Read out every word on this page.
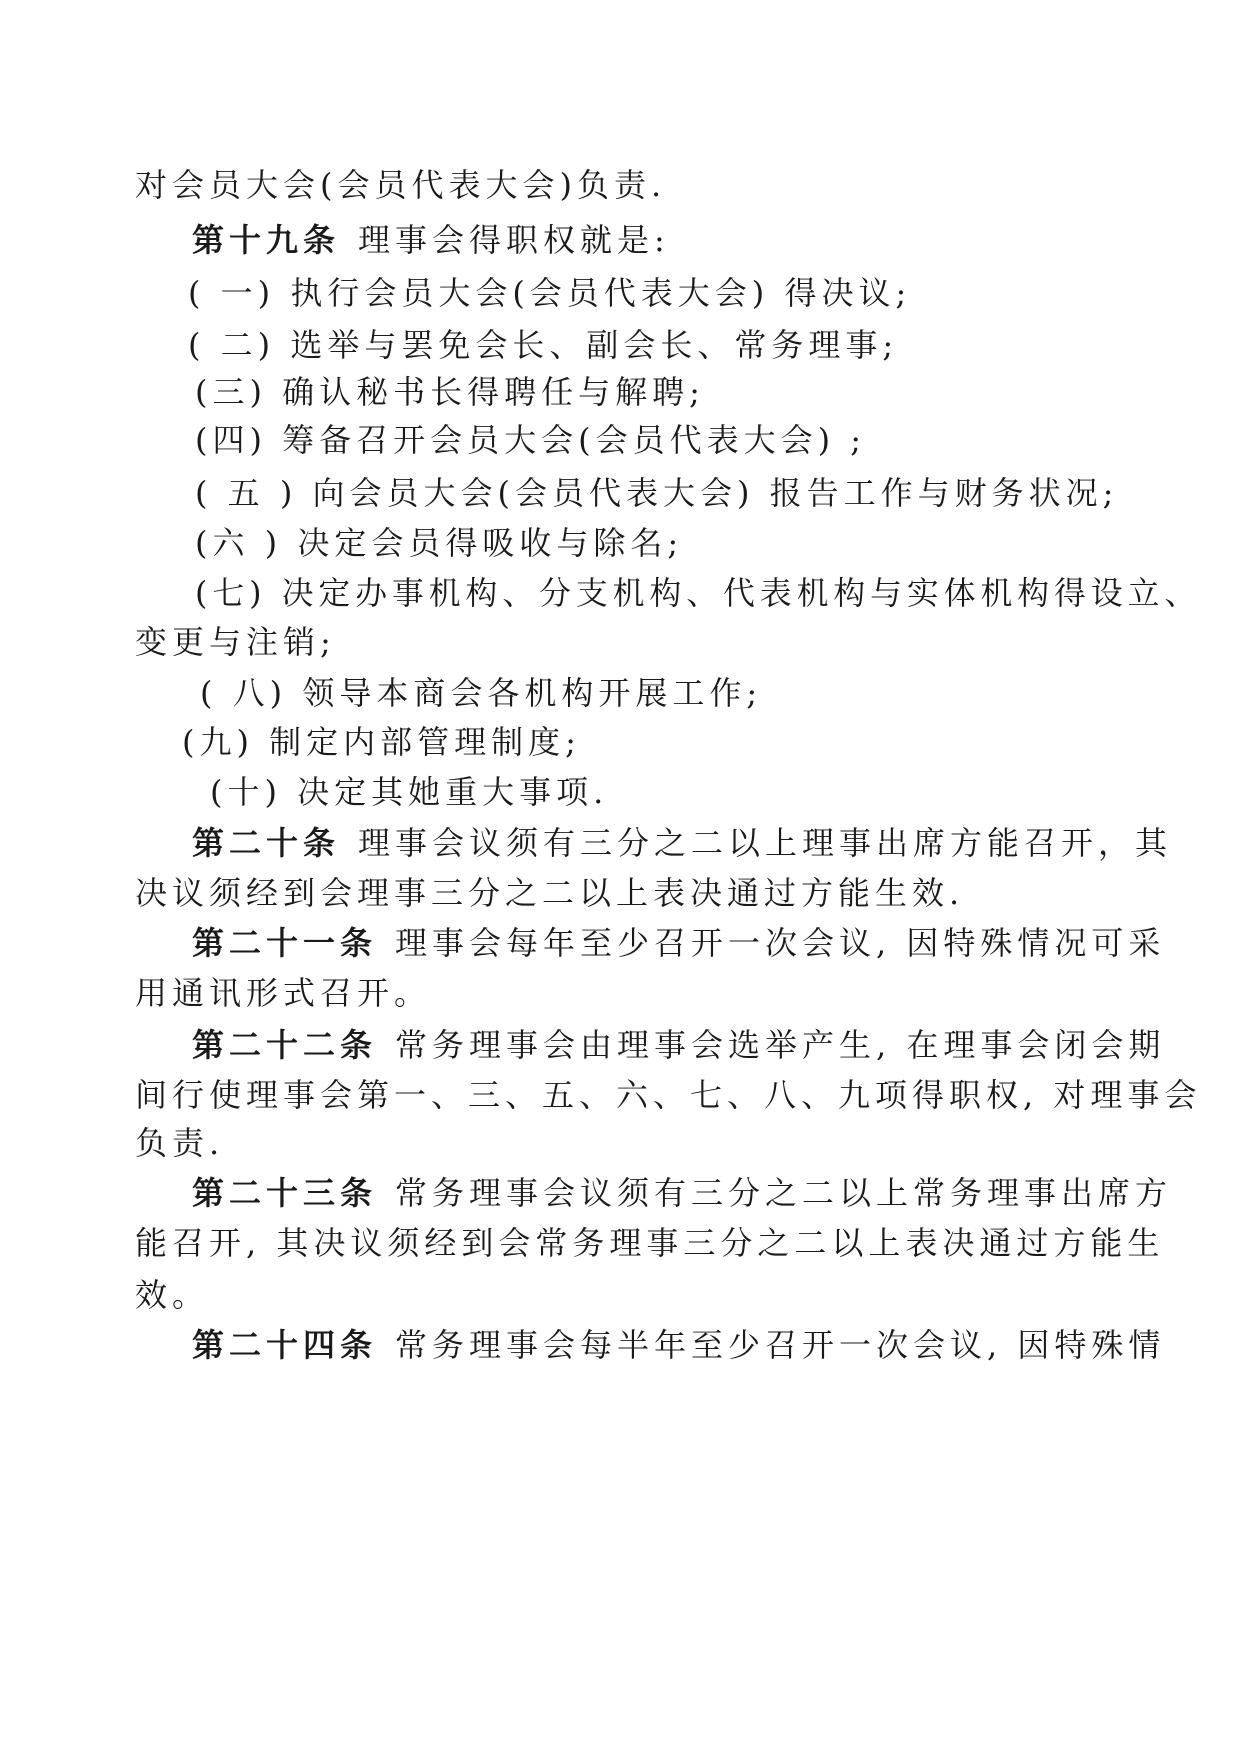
对会员大会(会员代表大会)负责.
第十九条 理事会得职权就是:
( 一) 执行会员大会(会员代表大会) 得决议;
( 二) 选举与罢免会长、副会长、常务理事;
(三) 确认秘书长得聘任与解聘;
(四) 筹备召开会员大会(会员代表大会) ;
( 五 ) 向会员大会(会员代表大会) 报告工作与财务状况;
(六 ) 决定会员得吸收与除名;
(七) 决定办事机构、分支机构、代表机构与实体机构得设立、
变更与注销;
( 八) 领导本商会各机构开展工作;
(九) 制定内部管理制度;
(十) 决定其她重大事项.
第二十条 理事会议须有三分之二以上理事出席方能召开，其
决议须经到会理事三分之二以上表决通过方能生效.
第二十一条 理事会每年至少召开一次会议, 因特殊情况可采
用通讯形式召开。
第二十二条 常务理事会由理事会选举产生, 在理事会闭会期
间行使理事会第一、三、五、六、七、八、九项得职权, 对理事会
负责.
第二十三条 常务理事会议须有三分之二以上常务理事出席方
能召开, 其决议须经到会常务理事三分之二以上表决通过方能生
效。
第二十四条 常务理事会每半年至少召开一次会议, 因特殊情
